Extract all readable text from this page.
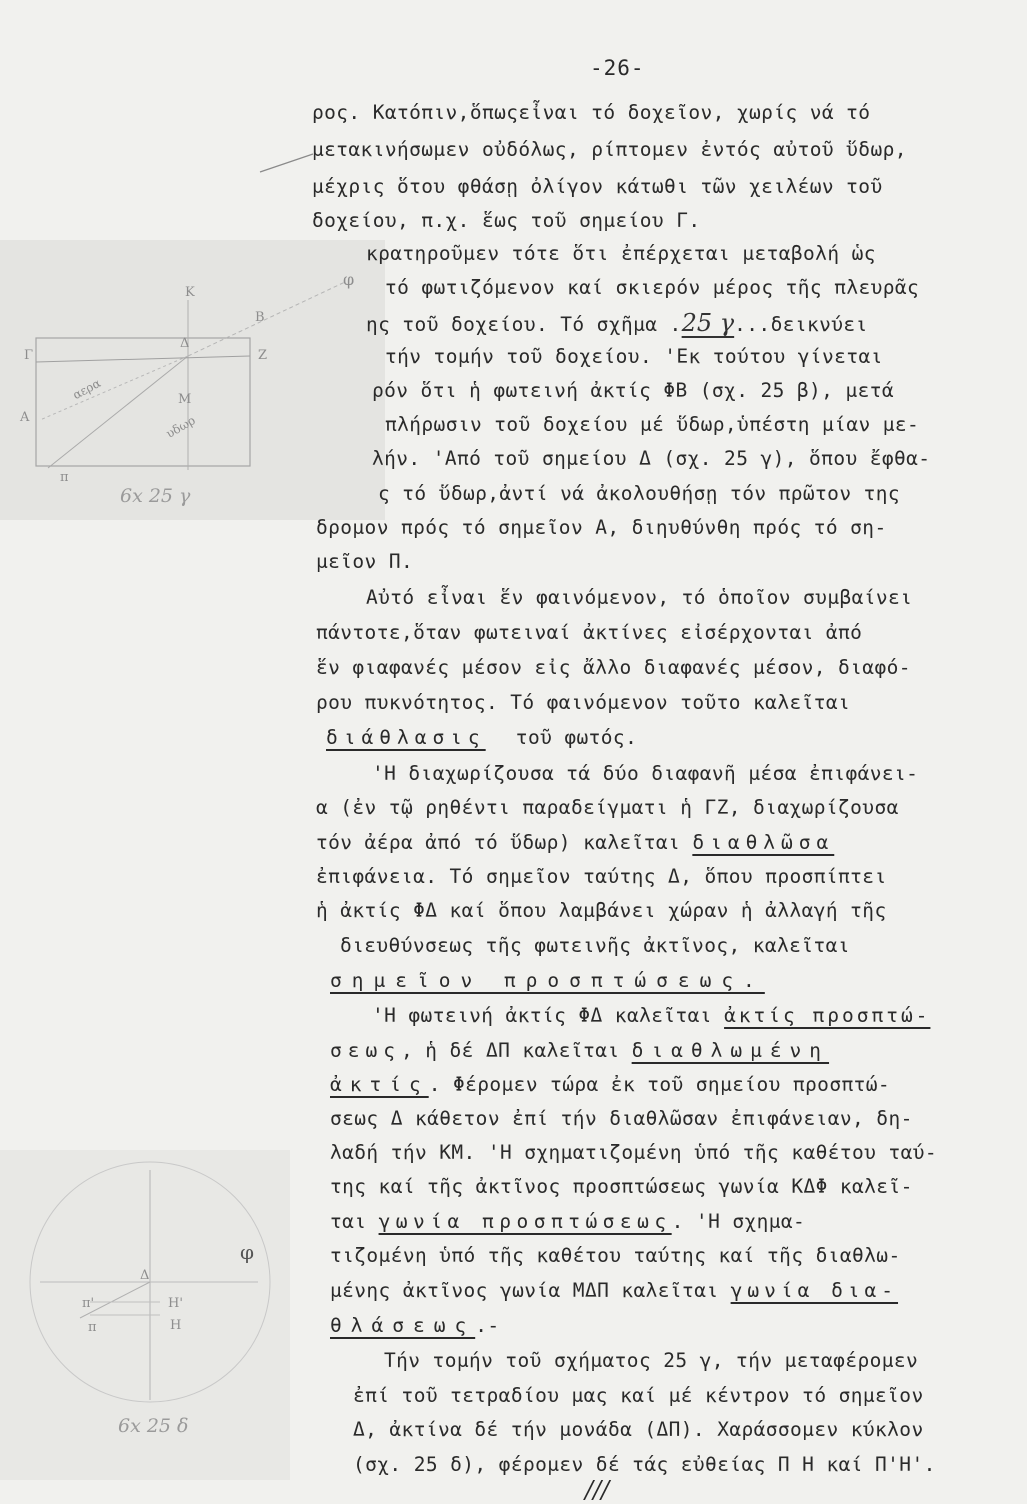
-26-
K
B
φ
Γ	Z
Δ
A
M
π
αερα
υδωρ
6x 25 γ
φ
Δ
π'
π
Η'
Η
6x 25 δ
ρος. Κατόπιν,ὅπωςεἶναι τό δοχεῖον, χωρίς νά τό
μετακινήσωμεν οὐδόλως, ρίπτομεν ἐντός αὐτοῦ ὕδωρ,
μέχρις ὅτου φθάσῃ ὀλίγον κάτωθι τῶν χειλέων τοῦ
δοχείου, π.χ. ἕως τοῦ σημείου Γ.
κρατηροῦμεν τότε ὅτι ἐπέρχεται μεταβολή ὡς
τό φωτιζόμενον καί σκιερόν μέρος τῆς πλευρᾶς
ης τοῦ δοχείου. Τό σχῆμα .25 γ...δεικνύει
τήν τομήν τοῦ δοχείου. 'Εκ τούτου γίνεται
ρόν ὅτι ἡ φωτεινή ἀκτίς ΦΒ (σχ. 25 β), μετά
πλήρωσιν τοῦ δοχείου μέ ὕδωρ,ὑπέστη μίαν με-
λήν. 'Από τοῦ σημείου Δ (σχ. 25 γ), ὅπου ἔφθα-
ς τό ὕδωρ,ἀντί νά ἀκολουθήσῃ τόν πρῶτον της
δρομον πρός τό σημεῖον Α, διηυθύνθη πρός τό ση-
μεῖον Π.
Αὐτό εἶναι ἕν φαινόμενον, τό ὁποῖον συμβαίνει
πάντοτε,ὅταν φωτειναί ἀκτίνες εἰσέρχονται ἀπό
ἕν φιαφανές μέσον εἰς ἄλλο διαφανές μέσον, διαφό-
ρου πυκνότητος. Τό φαινόμενον τοῦτο καλεῖται
διάθλασις τοῦ φωτός.
'Η διαχωρίζουσα τά δύο διαφανῆ μέσα ἐπιφάνει-
α (ἐν τῷ ρηθέντι παραδείγματι ἡ ΓΖ, διαχωρίζουσα
τόν ἀέρα ἀπό τό ὕδωρ) καλεῖται διαθλῶσα
ἐπιφάνεια. Τό σημεῖον ταύτης Δ, ὅπου προσπίπτει
ἡ ἀκτίς ΦΔ καί ὅπου λαμβάνει χώραν ἡ ἀλλαγή τῆς
διευθύνσεως τῆς φωτεινῆς ἀκτῖνος, καλεῖται
σημεῖον προσπτώσεως.
'Η φωτεινή ἀκτίς ΦΔ καλεῖται ἀκτίς προσπτώ-
σεως, ἡ δέ ΔΠ καλεῖται διαθλωμένη
ἀκτίς. Φέρομεν τώρα ἐκ τοῦ σημείου προσπτώ-
σεως Δ κάθετον ἐπί τήν διαθλῶσαν ἐπιφάνειαν, δη-
λαδή τήν ΚΜ. 'Η σχηματιζομένη ὑπό τῆς καθέτου ταύ-
της καί τῆς ἀκτῖνος προσπτώσεως γωνία ΚΔΦ καλεῖ-
ται γωνία προσπτώσεως. 'Η σχημα-
τιζομένη ὑπό τῆς καθέτου ταύτης καί τῆς διαθλω-
μένης ἀκτῖνος γωνία ΜΔΠ καλεῖται γωνία δια-
θλάσεως.-
Τήν τομήν τοῦ σχήματος 25 γ, τήν μεταφέρομεν
ἐπί τοῦ τετραδίου μας καί μέ κέντρον τό σημεῖον
Δ, ἀκτίνα δέ τήν μονάδα (ΔΠ). Χαράσσομεν κύκλον
(σχ. 25 δ), φέρομεν δέ τάς εὐθείας Π Η καί Π'Η'.
///
